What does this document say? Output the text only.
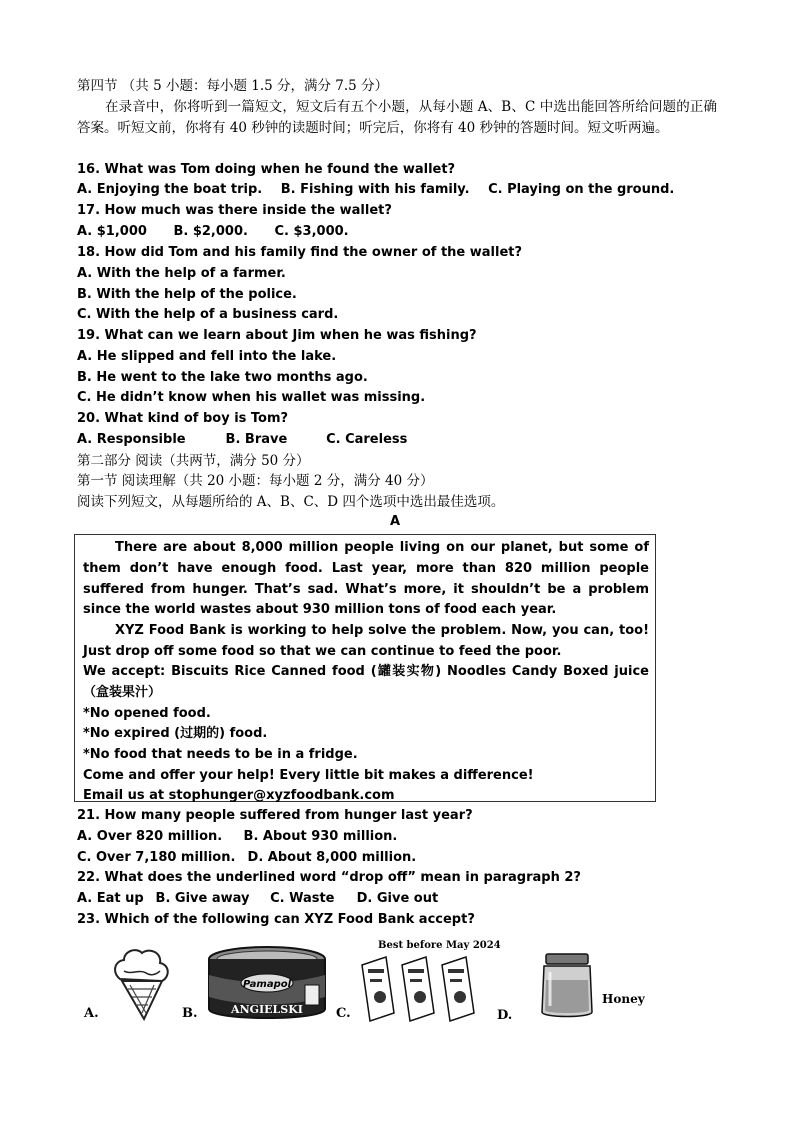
第四节 （共 5 小题：每小题 1.5 分，满分 7.5 分）
在录音中，你将听到一篇短文，短文后有五个小题，从每小题 A、B、C 中选出能回答所给问题的正确答案。听短文前，你将有 40 秒钟的读题时间；听完后，你将有 40 秒钟的答题时间。短文听两遍。
16. What was Tom doing when he found the wallet?
A. Enjoying the boat trip. B. Fishing with his family. C. Playing on the ground.
17. How much was there inside the wallet?
A. $1,000 B. $2,000. C. $3,000.
18. How did Tom and his family find the owner of the wallet?
A. With the help of a farmer.
B. With the help of the police.
C. With the help of a business card.
19. What can we learn about Jim when he was fishing?
A. He slipped and fell into the lake.
B. He went to the lake two months ago.
C. He didn’t know when his wallet was missing.
20. What kind of boy is Tom?
A. Responsible	B. Brave	C. Careless
第二部分 阅读（共两节，满分 50 分）
第一节 阅读理解（共 20 小题：每小题 2 分，满分 40 分）
阅读下列短文，从每题所给的 A、B、C、D 四个选项中选出最佳选项。
A

There are about 8,000 million people living on our planet, but some of them don’t have enough food. Last year, more than 820 million people suffered from hunger. That’s sad. What’s more, it shouldn’t be a problem since the world wastes about 930 million tons of food each year.

XYZ Food Bank is working to help solve the problem. Now, you can, too! Just drop off some food so that we can continue to feed the poor.

We accept: Biscuits Rice Canned food (罐装实物) Noodles Candy Boxed juice（盒装果汁）

*No opened food.

*No expired (过期的) food.

*No food that needs to be in a fridge.

Come and offer your help! Every little bit makes a difference!

Email us at stophunger@xyzfoodbank.com

21. How many people suffered from hunger last year?
A. Over 820 million. B. About 930 million.
C. Over 7,180 million. D. About 8,000 million.
22. What does the underlined word “drop off” mean in paragraph 2?
A. Eat up B. Give away C. Waste D. Give out
23. Which of the following can XYZ Food Bank accept?
A.	B.
Pamapol
ANGIELSKI	C.
Best before May 2024
D.
Honey
